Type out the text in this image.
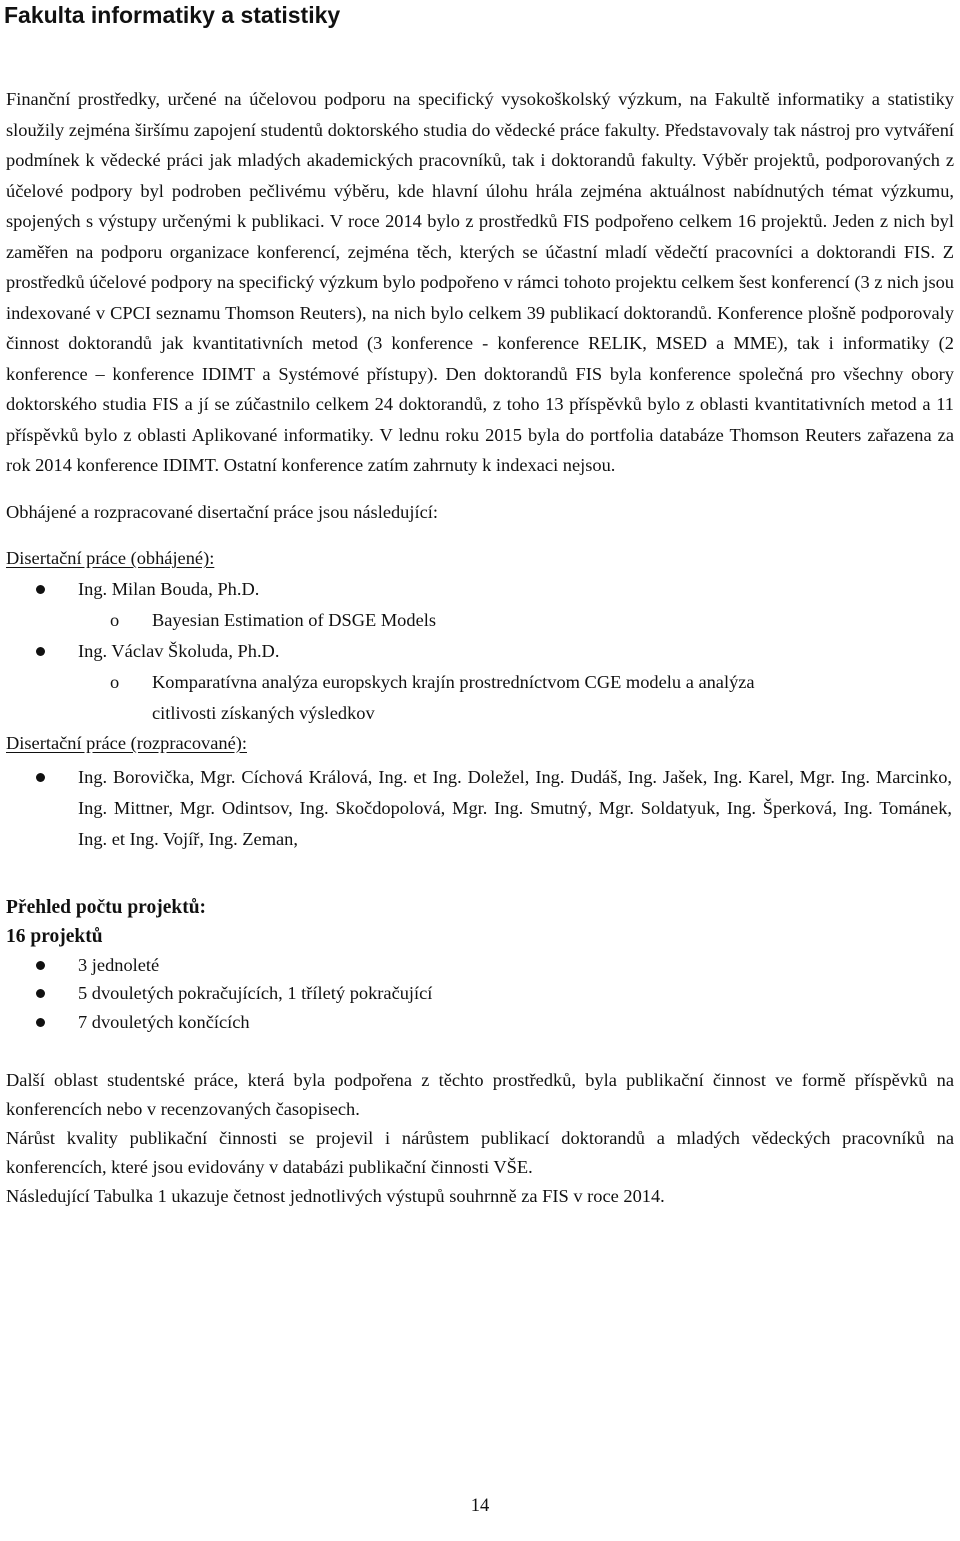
Fakulta informatiky a statistiky

Finanční prostředky, určené na účelovou podporu na specifický vysokoškolský výzkum, na Fakultě informatiky a statistiky sloužily zejména širšímu zapojení studentů doktorského studia do vědecké práce fakulty. Představovaly tak nástroj pro vytváření podmínek k vědecké práci jak mladých akademických pracovníků, tak i doktorandů fakulty. Výběr projektů, podporovaných z účelové podpory byl podroben pečlivému výběru, kde hlavní úlohu hrála zejména aktuálnost nabídnutých témat výzkumu, spojených s výstupy určenými k publikaci. V roce 2014 bylo z prostředků FIS podpořeno celkem 16 projektů. Jeden z nich byl zaměřen na podporu organizace konferencí, zejména těch, kterých se účastní mladí vědečtí pracovníci a doktorandi FIS. Z prostředků účelové podpory na specifický výzkum bylo podpořeno v rámci tohoto projektu celkem šest konferencí (3 z nich jsou indexované v CPCI seznamu Thomson Reuters), na nich bylo celkem 39 publikací doktorandů. Konference plošně podporovaly činnost doktorandů jak kvantitativních metod (3 konference - konference RELIK, MSED a MME), tak i informatiky (2 konference – konference IDIMT a Systémové přístupy). Den doktorandů FIS byla konference společná pro všechny obory doktorského studia FIS a jí se zúčastnilo celkem 24 doktorandů, z toho 13 příspěvků bylo z oblasti kvantitativních metod a 11 příspěvků bylo z oblasti Aplikované informatiky. V lednu roku 2015 byla do portfolia databáze Thomson Reuters zařazena za rok 2014 konference IDIMT. Ostatní konference zatím zahrnuty k indexaci nejsou.

Obhájené a rozpracované disertační práce jsou následující:

Disertační práce (obhájené):

Ing. Milan Bouda, Ph.D.
o Bayesian Estimation of DSGE Models
Ing. Václav Školuda, Ph.D.
o Komparatívna analýza europskych krajín prostredníctvom CGE modelu a analýza citlivosti získaných výsledkov

Disertační práce (rozpracované):

Ing. Borovička, Mgr. Cíchová Králová, Ing. et Ing. Doležel, Ing. Dudáš, Ing. Jašek, Ing. Karel, Mgr. Ing. Marcinko, Ing. Mittner, Mgr. Odintsov, Ing. Skočdopolová, Mgr. Ing. Smutný, Mgr. Soldatyuk, Ing. Šperková, Ing. Tománek, Ing. et Ing. Vojíř, Ing. Zeman,

Přehled počtu projektů:

16 projektů

3 jednoleté
5 dvouletých pokračujících, 1 tříletý pokračující
7 dvouletých končících

Další oblast studentské práce, která byla podpořena z těchto prostředků, byla publikační činnost ve formě příspěvků na konferencích nebo v recenzovaných časopisech.

Nárůst kvality publikační činnosti se projevil i nárůstem publikací doktorandů a mladých vědeckých pracovníků na konferencích, které jsou evidovány v databázi publikační činnosti VŠE.

Následující Tabulka 1 ukazuje četnost jednotlivých výstupů souhrnně za FIS v roce 2014.

14
